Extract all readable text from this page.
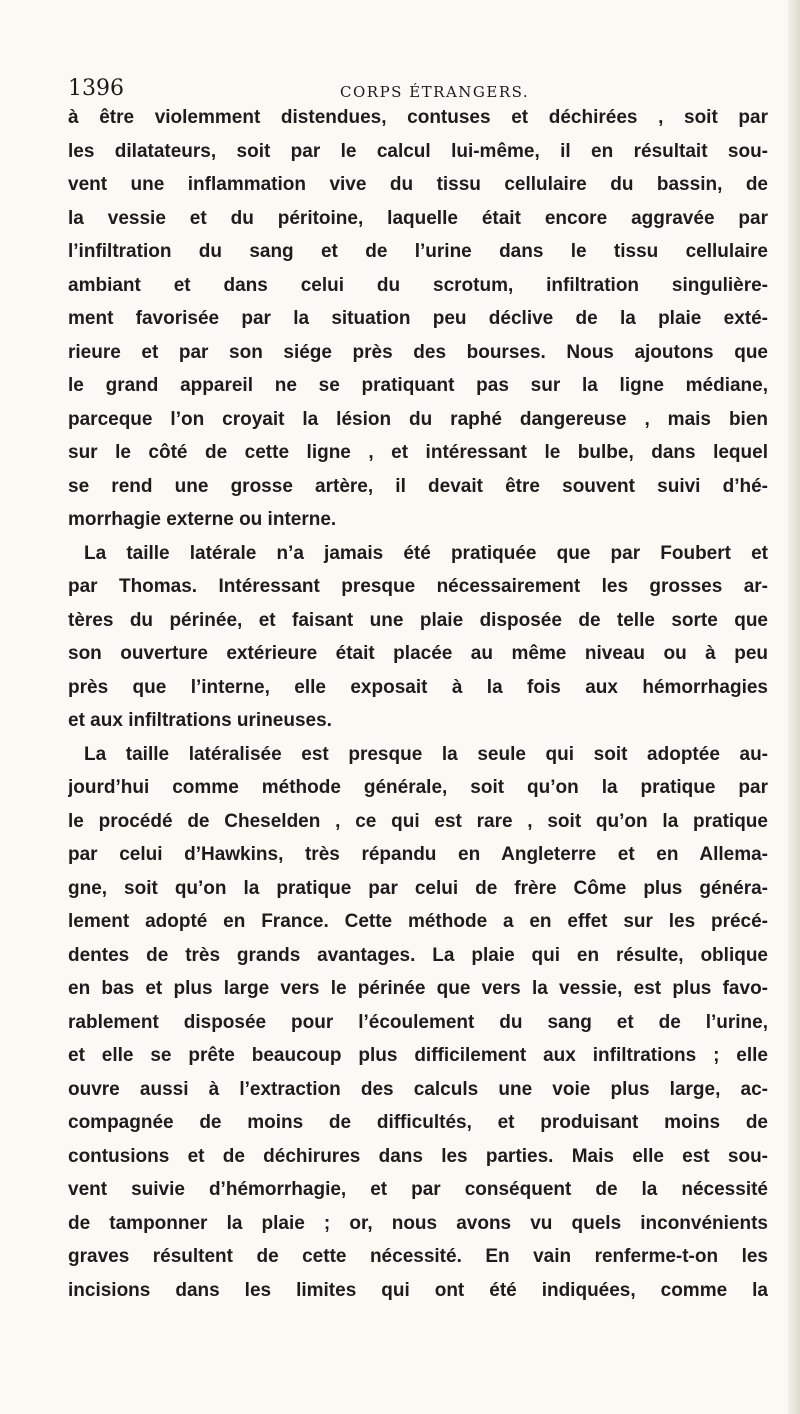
1396	CORPS ÉTRANGERS.
à être violemment distendues, contuses et déchirées , soit par
les dilatateurs, soit par le calcul lui-même, il en résultait sou-
vent une inflammation vive du tissu cellulaire du bassin, de
la vessie et du péritoine, laquelle était encore aggravée par
l’infiltration du sang et de l’urine dans le tissu cellulaire
ambiant et dans celui du scrotum, infiltration singulière-
ment favorisée par la situation peu déclive de la plaie exté-
rieure et par son siége près des bourses. Nous ajoutons que
le grand appareil ne se pratiquant pas sur la ligne médiane,
parceque l’on croyait la lésion du raphé dangereuse , mais bien
sur le côté de cette ligne , et intéressant le bulbe, dans lequel
se rend une grosse artère, il devait être souvent suivi d’hé-
morrhagie externe ou interne.
La taille latérale n’a jamais été pratiquée que par Foubert et
par Thomas. Intéressant presque nécessairement les grosses ar-
tères du périnée, et faisant une plaie disposée de telle sorte que
son ouverture extérieure était placée au même niveau ou à peu
près que l’interne, elle exposait à la fois aux hémorrhagies
et aux infiltrations urineuses.
La taille latéralisée est presque la seule qui soit adoptée au-
jourd’hui comme méthode générale, soit qu’on la pratique par
le procédé de Cheselden , ce qui est rare , soit qu’on la pratique
par celui d’Hawkins, très répandu en Angleterre et en Allema-
gne, soit qu’on la pratique par celui de frère Côme plus généra-
lement adopté en France. Cette méthode a en effet sur les précé-
dentes de très grands avantages. La plaie qui en résulte, oblique
en bas et plus large vers le périnée que vers la vessie, est plus favo-
rablement disposée pour l’écoulement du sang et de l’urine,
et elle se prête beaucoup plus difficilement aux infiltrations ; elle
ouvre aussi à l’extraction des calculs une voie plus large, ac-
compagnée de moins de difficultés, et produisant moins de
contusions et de déchirures dans les parties. Mais elle est sou-
vent suivie d’hémorrhagie, et par conséquent de la nécessité
de tamponner la plaie ; or, nous avons vu quels inconvénients
graves résultent de cette nécessité. En vain renferme-t-on les
incisions dans les limites qui ont été indiquées, comme la
